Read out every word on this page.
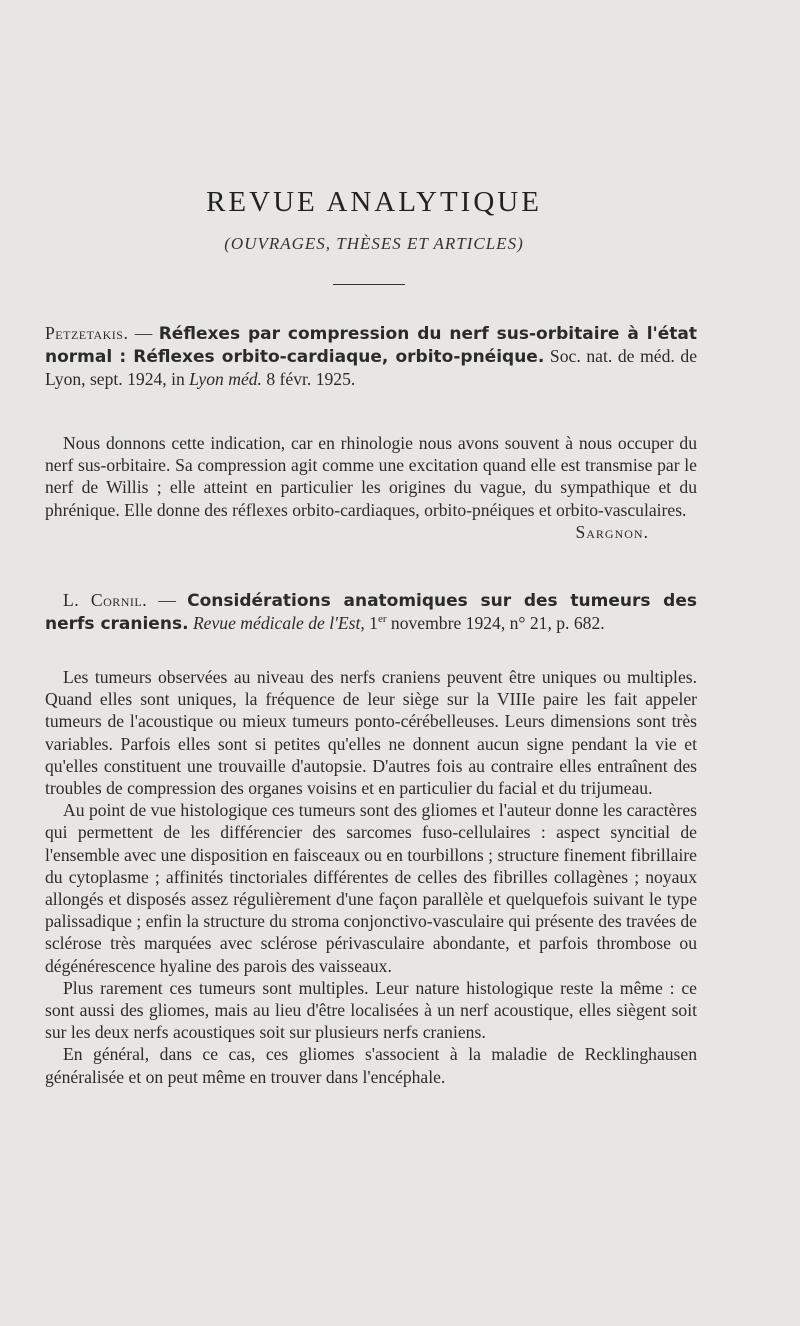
REVUE ANALYTIQUE
(OUVRAGES, THÈSES ET ARTICLES)

Petzetakis. — Réflexes par compression du nerf sus-orbitaire à l'état normal : Réflexes orbito-cardiaque, orbito-pnéique. Soc. nat. de méd. de Lyon, sept. 1924, in Lyon méd. 8 févr. 1925.

Nous donnons cette indication, car en rhinologie nous avons souvent à nous occuper du nerf sus-orbitaire. Sa compression agit comme une excitation quand elle est transmise par le nerf de Willis ; elle atteint en particulier les origines du vague, du sympathique et du phrénique. Elle donne des réflexes orbito-cardiaques, orbito-pnéiques et orbito-vasculaires.

Sargnon.

L. Cornil. — Considérations anatomiques sur des tumeurs des nerfs craniens. Revue médicale de l'Est, 1er novembre 1924, n° 21, p. 682.

Les tumeurs observées au niveau des nerfs craniens peuvent être uniques ou multiples. Quand elles sont uniques, la fréquence de leur siège sur la VIIIe paire les fait appeler tumeurs de l'acoustique ou mieux tumeurs ponto-cérébelleuses. Leurs dimensions sont très variables. Parfois elles sont si petites qu'elles ne donnent aucun signe pendant la vie et qu'elles constituent une trouvaille d'autopsie. D'autres fois au contraire elles entraînent des troubles de compression des organes voisins et en particulier du facial et du trijumeau.

Au point de vue histologique ces tumeurs sont des gliomes et l'auteur donne les caractères qui permettent de les différencier des sarcomes fuso-cellulaires : aspect syncitial de l'ensemble avec une disposition en faisceaux ou en tourbillons ; structure finement fibrillaire du cytoplasme ; affinités tinctoriales différentes de celles des fibrilles collagènes ; noyaux allongés et disposés assez régulièrement d'une façon parallèle et quelquefois suivant le type palissadique ; enfin la structure du stroma conjonctivo-vasculaire qui présente des travées de sclérose très marquées avec sclérose périvasculaire abondante, et parfois thrombose ou dégénérescence hyaline des parois des vaisseaux.

Plus rarement ces tumeurs sont multiples. Leur nature histologique reste la même : ce sont aussi des gliomes, mais au lieu d'être localisées à un nerf acoustique, elles siègent soit sur les deux nerfs acoustiques soit sur plusieurs nerfs craniens.

En général, dans ce cas, ces gliomes s'associent à la maladie de Recklinghausen généralisée et on peut même en trouver dans l'encéphale.
